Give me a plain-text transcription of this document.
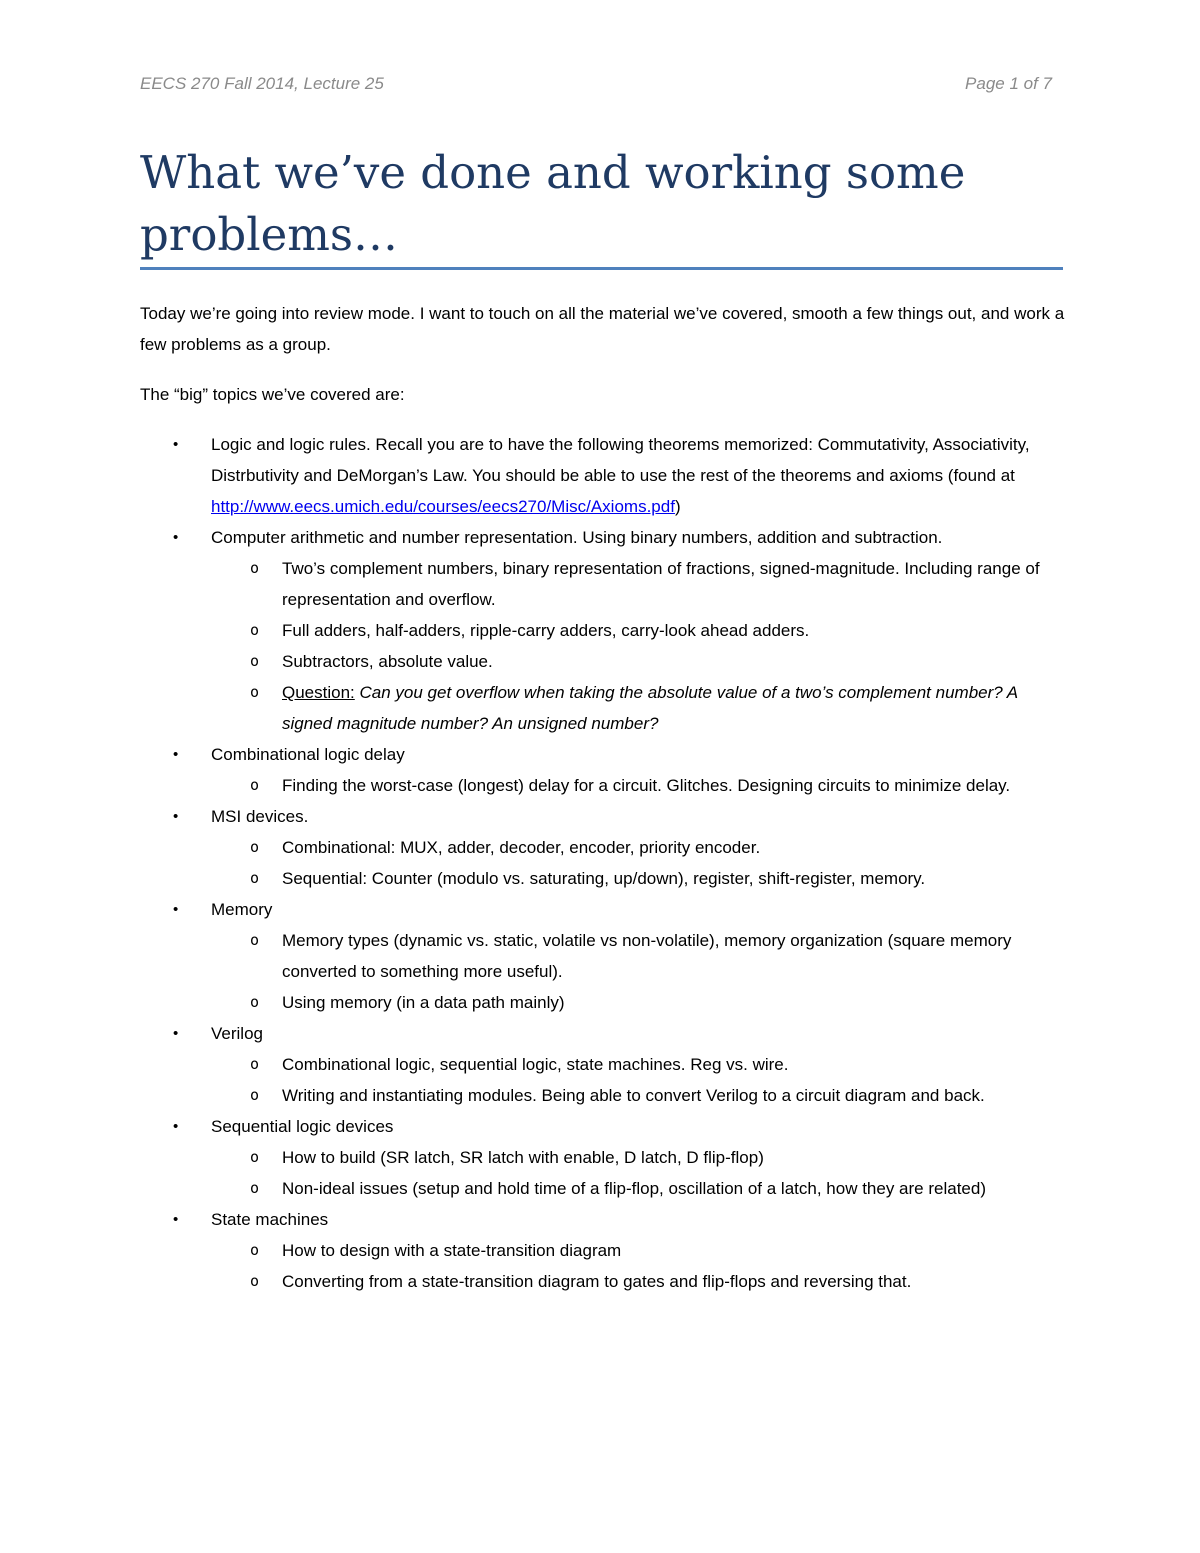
EECS 270 Fall 2014, Lecture 25	Page 1 of 7
What we’ve done and working some problems…

Today we’re going into review mode. I want to touch on all the material we’ve covered, smooth a few things out, and work a few problems as a group.

The “big” topics we’ve covered are:

• Logic and logic rules. Recall you are to have the following theorems memorized: Commutativity, Associativity, Distrbutivity and DeMorgan’s Law. You should be able to use the rest of the theorems and axioms (found at http://www.eecs.umich.edu/courses/eecs270/Misc/Axioms.pdf)
• Computer arithmetic and number representation. Using binary numbers, addition and subtraction.
o Two’s complement numbers, binary representation of fractions, signed-magnitude. Including range of representation and overflow.
o Full adders, half-adders, ripple-carry adders, carry-look ahead adders.
o Subtractors, absolute value.
o Question: Can you get overflow when taking the absolute value of a two’s complement number? A signed magnitude number? An unsigned number?
• Combinational logic delay
o Finding the worst-case (longest) delay for a circuit. Glitches. Designing circuits to minimize delay.
• MSI devices.
o Combinational: MUX, adder, decoder, encoder, priority encoder.
o Sequential: Counter (modulo vs. saturating, up/down), register, shift-register, memory.
• Memory
o Memory types (dynamic vs. static, volatile vs non-volatile), memory organization (square memory converted to something more useful).
o Using memory (in a data path mainly)
• Verilog
o Combinational logic, sequential logic, state machines. Reg vs. wire.
o Writing and instantiating modules. Being able to convert Verilog to a circuit diagram and back.
• Sequential logic devices
o How to build (SR latch, SR latch with enable, D latch, D flip-flop)
o Non-ideal issues (setup and hold time of a flip-flop, oscillation of a latch, how they are related)
• State machines
o How to design with a state-transition diagram
o Converting from a state-transition diagram to gates and flip-flops and reversing that.
